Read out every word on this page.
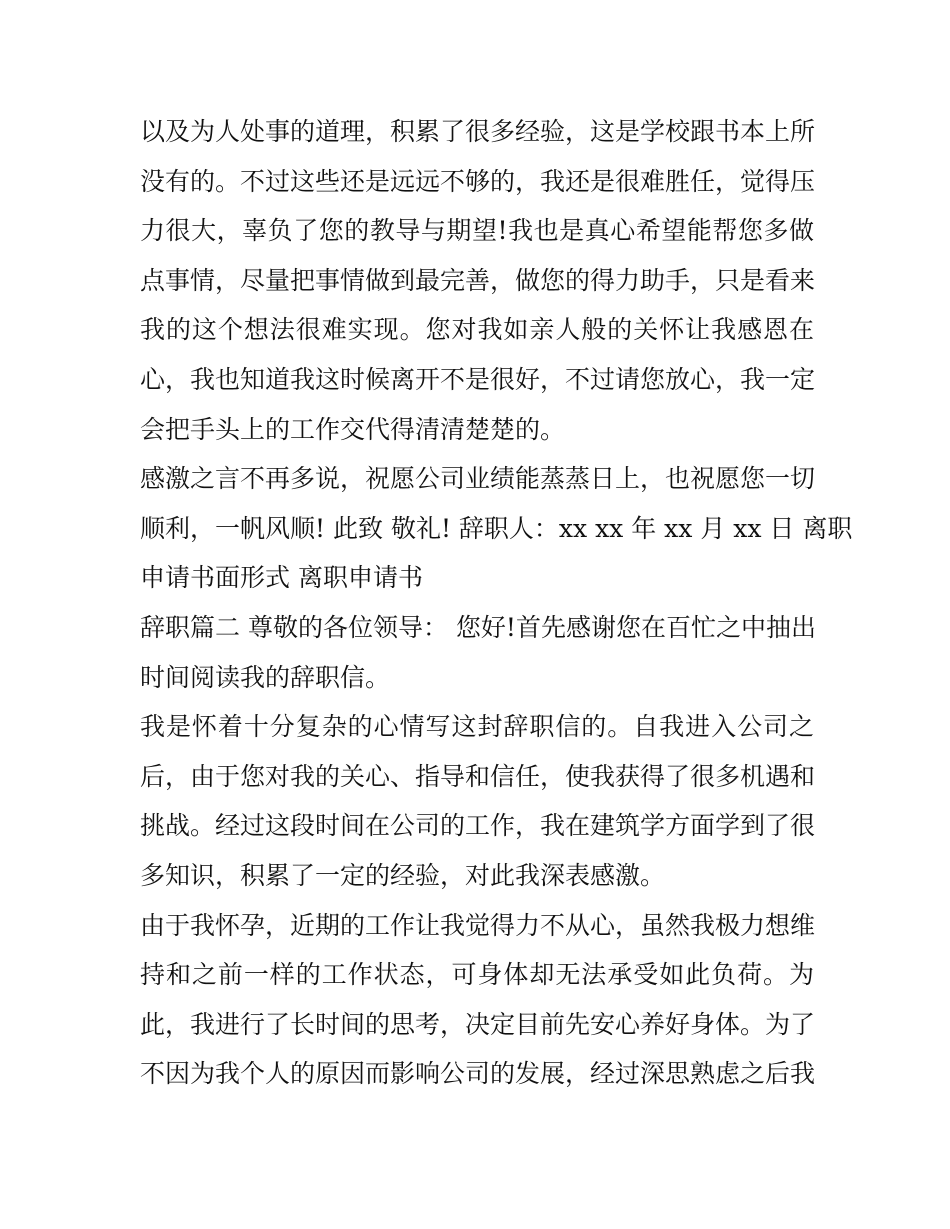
以及为人处事的道理，积累了很多经验，这是学校跟书本上所
没有的。不过这些还是远远不够的，我还是很难胜任，觉得压
力很大，辜负了您的教导与期望!我也是真心希望能帮您多做
点事情，尽量把事情做到最完善，做您的得力助手，只是看来
我的这个想法很难实现。您对我如亲人般的关怀让我感恩在
心，我也知道我这时候离开不是很好，不过请您放心，我一定
会把手头上的工作交代得清清楚楚的。
感激之言不再多说，祝愿公司业绩能蒸蒸日上，也祝愿您一切
顺利，一帆风顺! 此致 敬礼! 辞职人：xx xx 年 xx 月 xx 日 离职
申请书面形式 离职申请书
辞职篇二 尊敬的各位领导： 您好!首先感谢您在百忙之中抽出
时间阅读我的辞职信。
我是怀着十分复杂的心情写这封辞职信的。自我进入公司之
后，由于您对我的关心、指导和信任，使我获得了很多机遇和
挑战。经过这段时间在公司的工作，我在建筑学方面学到了很
多知识，积累了一定的经验，对此我深表感激。
由于我怀孕，近期的工作让我觉得力不从心，虽然我极力想维
持和之前一样的工作状态，可身体却无法承受如此负荷。为
此，我进行了长时间的思考，决定目前先安心养好身体。为了
不因为我个人的原因而影响公司的发展，经过深思熟虑之后我
